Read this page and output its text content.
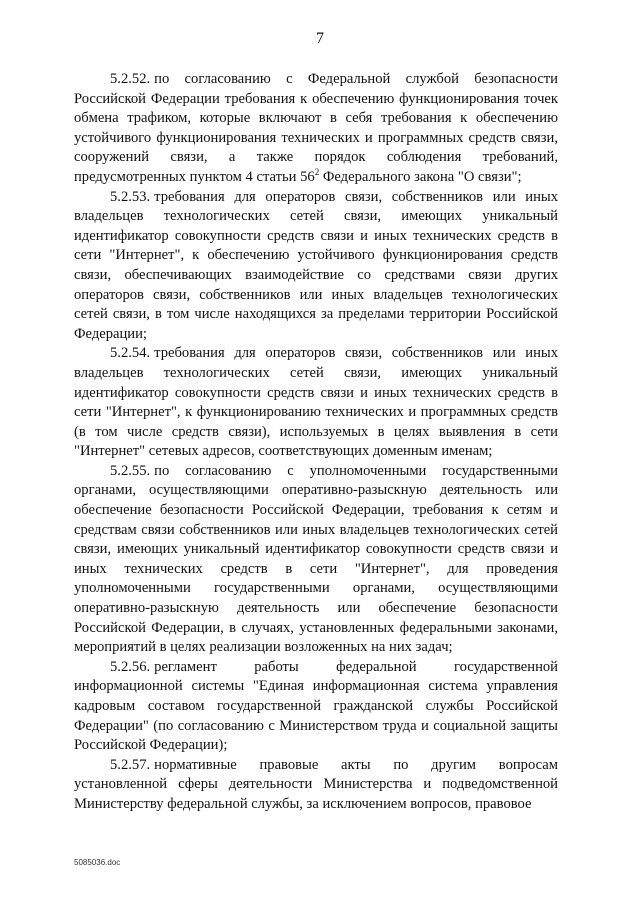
7

5.2.52. по согласованию с Федеральной службой безопасности Российской Федерации требования к обеспечению функционирования точек обмена трафиком, которые включают в себя требования к обеспечению устойчивого функционирования технических и программных средств связи, сооружений связи, а также порядок соблюдения требований, предусмотренных пунктом 4 статьи $56^2$ Федерального закона "О связи";

5.2.53. требования для операторов связи, собственников или иных владельцев технологических сетей связи, имеющих уникальный идентификатор совокупности средств связи и иных технических средств в сети "Интернет", к обеспечению устойчивого функционирования средств связи, обеспечивающих взаимодействие со средствами связи других операторов связи, собственников или иных владельцев технологических сетей связи, в том числе находящихся за пределами территории Российской Федерации;

5.2.54. требования для операторов связи, собственников или иных владельцев технологических сетей связи, имеющих уникальный идентификатор совокупности средств связи и иных технических средств в сети "Интернет", к функционированию технических и программных средств (в том числе средств связи), используемых в целях выявления в сети "Интернет" сетевых адресов, соответствующих доменным именам;

5.2.55. по согласованию с уполномоченными государственными органами, осуществляющими оперативно-разыскную деятельность или обеспечение безопасности Российской Федерации, требования к сетям и средствам связи собственников или иных владельцев технологических сетей связи, имеющих уникальный идентификатор совокупности средств связи и иных технических средств в сети "Интернет", для проведения уполномоченными государственными органами, осуществляющими оперативно-разыскную деятельность или обеспечение безопасности Российской Федерации, в случаях, установленных федеральными законами, мероприятий в целях реализации возложенных на них задач;

5.2.56. регламент работы федеральной государственной информационной системы "Единая информационная система управления кадровым составом государственной гражданской службы Российской Федерации" (по согласованию с Министерством труда и социальной защиты Российской Федерации);

5.2.57. нормативные правовые акты по другим вопросам установленной сферы деятельности Министерства и подведомственной Министерству федеральной службы, за исключением вопросов, правовое

5085036.doc
